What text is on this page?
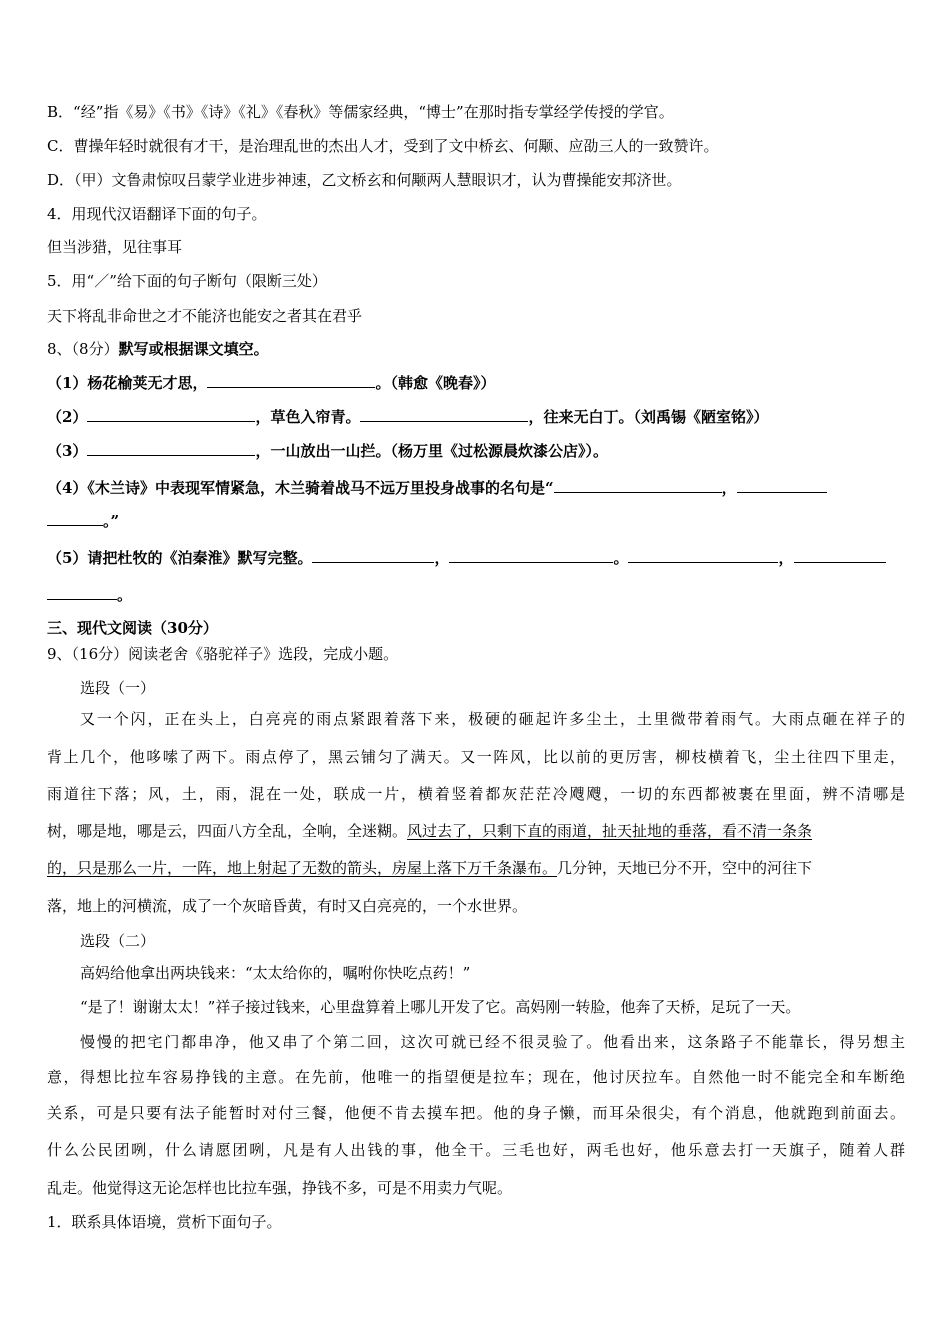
B．“经”指《易》《书》《诗》《礼》《春秋》等儒家经典，“博士”在那时指专掌经学传授的学官。
C．曹操年轻时就很有才干，是治理乱世的杰出人才，受到了文中桥玄、何颙、应劭三人的一致赞许。
D．（甲）文鲁肃惊叹吕蒙学业进步神速，乙文桥玄和何颙两人慧眼识才，认为曹操能安邦济世。
4．用现代汉语翻译下面的句子。
但当涉猎，见往事耳
5．用“／”给下面的句子断句（限断三处）
天下将乱非命世之才不能济也能安之者其在君乎
8、（8分）默写或根据课文填空。
（1）杨花榆荚无才思，	。（韩愈《晚春》）
（2）	，草色入帘青。	，往来无白丁。（刘禹锡《陋室铭》）
（3）	，一山放出一山拦。（杨万里《过松源晨炊漆公店》）。
（4）《木兰诗》中表现军情紧急，木兰骑着战马不远万里投身战事的名句是“	，
。”
（5）请把杜牧的《泊秦淮》默写完整。	，	。	，
。
三、现代文阅读（30分）
9、（16分）阅读老舍《骆驼祥子》选段，完成小题。
选段（一）
又一个闪，正在头上，白亮亮的雨点紧跟着落下来，极硬的砸起许多尘土，土里微带着雨气。大雨点砸在祥子的
背上几个，他哆嗦了两下。雨点停了，黑云铺匀了满天。又一阵风，比以前的更厉害，柳枝横着飞，尘土往四下里走，
雨道往下落；风，土，雨，混在一处，联成一片，横着竖着都灰茫茫冷飕飕，一切的东西都被裹在里面，辨不清哪是
树，哪是地，哪是云，四面八方全乱，全响，全迷糊。风过去了，只剩下直的雨道，扯天扯地的垂落，看不清一条条
的，只是那么一片，一阵，地上射起了无数的箭头，房屋上落下万千条瀑布。几分钟，天地已分不开，空中的河往下
落，地上的河横流，成了一个灰暗昏黄，有时又白亮亮的，一个水世界。
选段（二）
高妈给他拿出两块钱来：“太太给你的，嘱咐你快吃点药！”
“是了！谢谢太太！”祥子接过钱来，心里盘算着上哪儿开发了它。高妈刚一转脸，他奔了天桥，足玩了一天。
慢慢的把宅门都串净，他又串了个第二回，这次可就已经不很灵验了。他看出来，这条路子不能靠长，得另想主
意，得想比拉车容易挣钱的主意。在先前，他唯一的指望便是拉车；现在，他讨厌拉车。自然他一时不能完全和车断绝
关系，可是只要有法子能暂时对付三餐，他便不肯去摸车把。他的身子懒，而耳朵很尖，有个消息，他就跑到前面去。
什么公民团咧，什么请愿团咧，凡是有人出钱的事，他全干。三毛也好，两毛也好，他乐意去打一天旗子，随着人群
乱走。他觉得这无论怎样也比拉车强，挣钱不多，可是不用卖力气呢。
1．联系具体语境，赏析下面句子。
